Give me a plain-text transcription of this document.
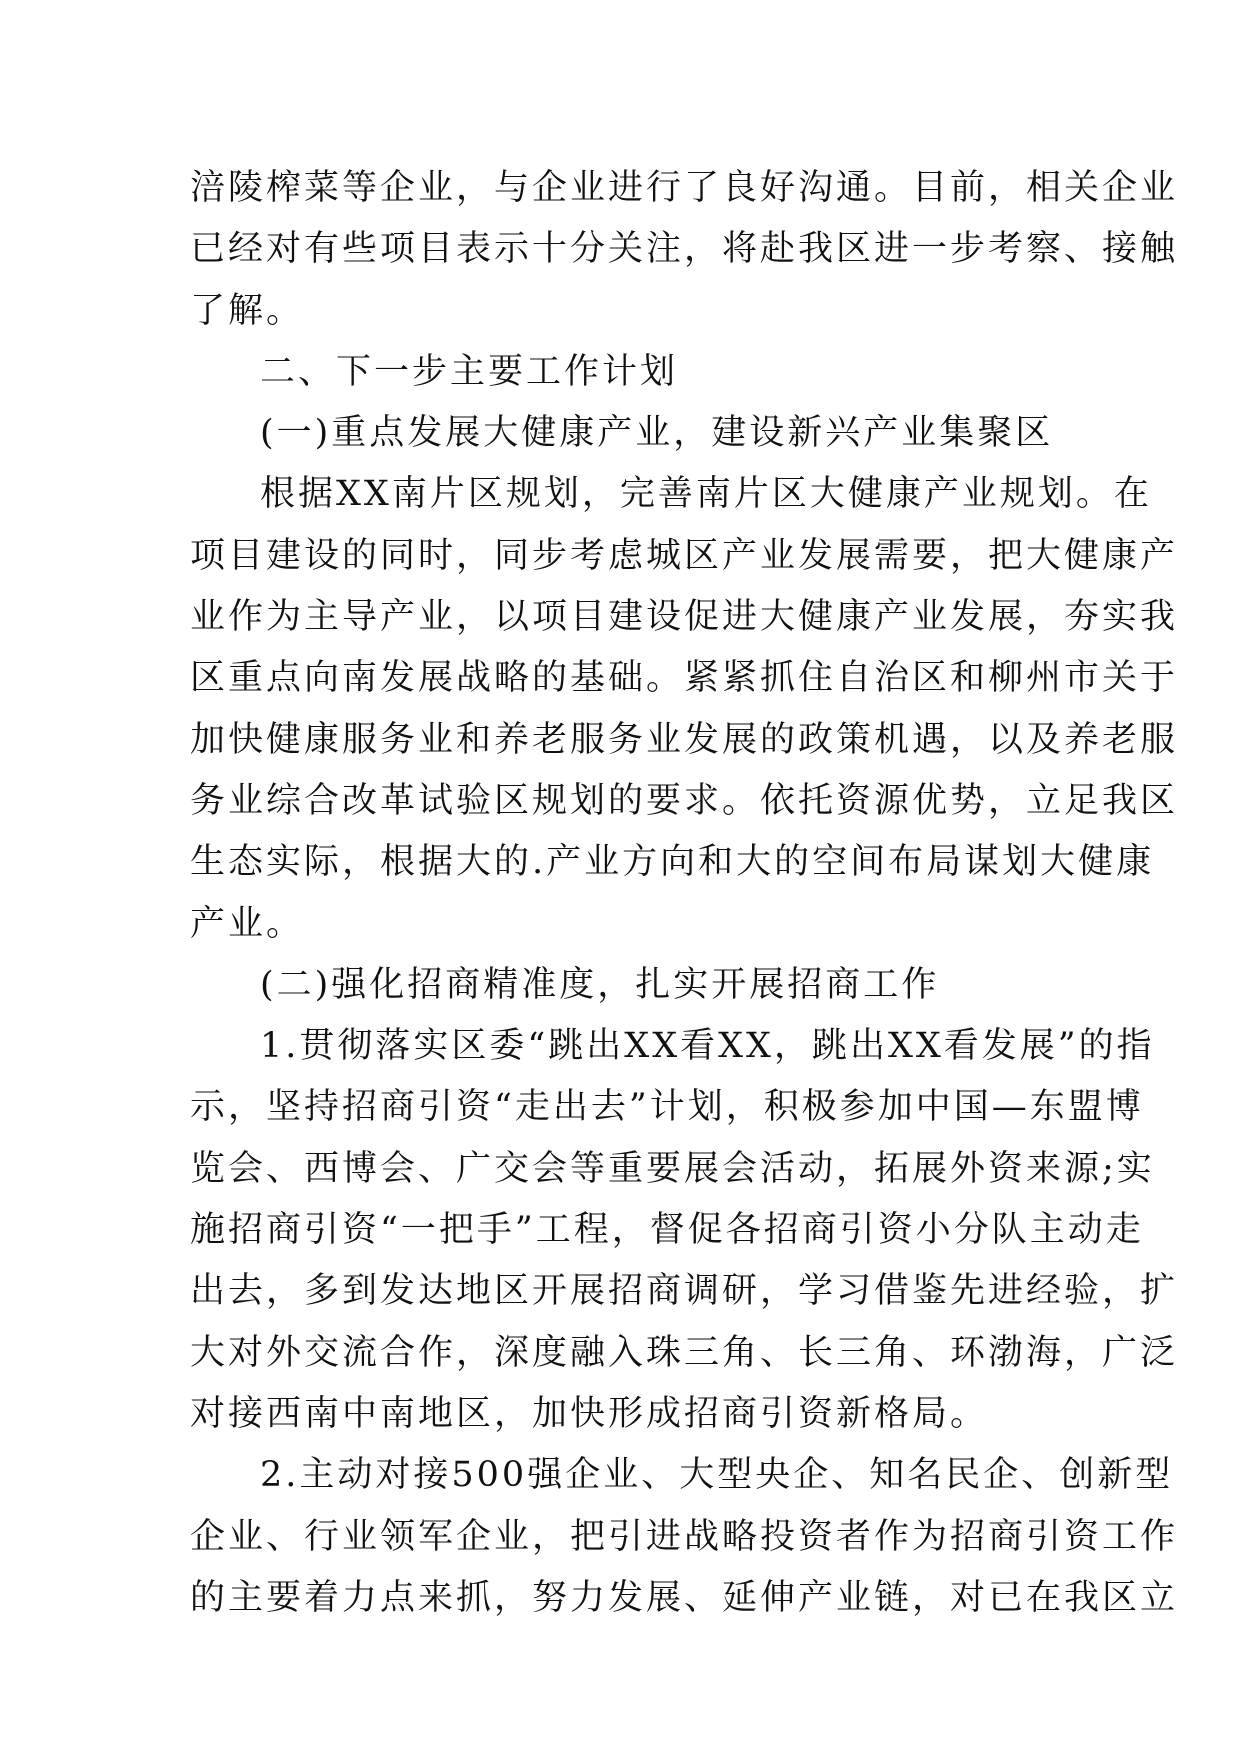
涪陵榨菜等企业，与企业进行了良好沟通。目前，相关企业
已经对有些项目表示十分关注，将赴我区进一步考察、接触
了解。
二、下一步主要工作计划
(一)重点发展大健康产业，建设新兴产业集聚区
根据XX南片区规划，完善南片区大健康产业规划。在
项目建设的同时，同步考虑城区产业发展需要，把大健康产
业作为主导产业，以项目建设促进大健康产业发展，夯实我
区重点向南发展战略的基础。紧紧抓住自治区和柳州市关于
加快健康服务业和养老服务业发展的政策机遇，以及养老服
务业综合改革试验区规划的要求。依托资源优势，立足我区
生态实际，根据大的.产业方向和大的空间布局谋划大健康
产业。
(二)强化招商精准度，扎实开展招商工作
1.贯彻落实区委“跳出XX看XX，跳出XX看发展”的指
示，坚持招商引资“走出去”计划，积极参加中国—东盟博
览会、西博会、广交会等重要展会活动，拓展外资来源;实
施招商引资“一把手”工程，督促各招商引资小分队主动走
出去，多到发达地区开展招商调研，学习借鉴先进经验，扩
大对外交流合作，深度融入珠三角、长三角、环渤海，广泛
对接西南中南地区，加快形成招商引资新格局。
2.主动对接500强企业、大型央企、知名民企、创新型
企业、行业领军企业，把引进战略投资者作为招商引资工作
的主要着力点来抓，努力发展、延伸产业链，对已在我区立
